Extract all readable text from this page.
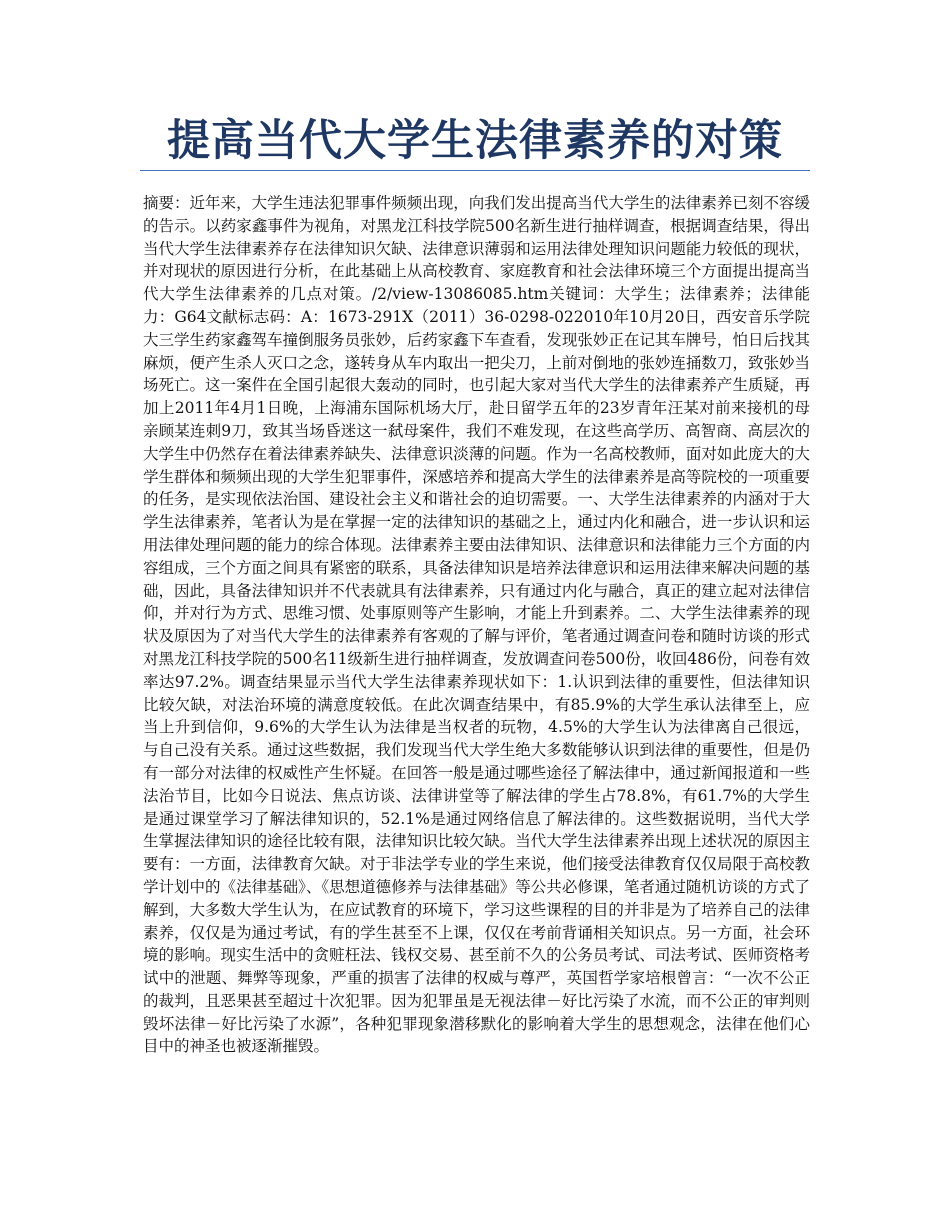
提高当代大学生法律素养的对策

摘要：近年来，大学生违法犯罪事件频频出现，向我们发出提高当代大学生的法律素养已刻不容缓的告示。以药家鑫事件为视角，对黑龙江科技学院500名新生进行抽样调查，根据调查结果，得出当代大学生法律素养存在法律知识欠缺、法律意识薄弱和运用法律处理知识问题能力较低的现状，并对现状的原因进行分析，在此基础上从高校教育、家庭教育和社会法律环境三个方面提出提高当代大学生法律素养的几点对策。/2/view-13086085.htm关键词：大学生；法律素养；法律能力：G64文献标志码：A：1673-291X（2011）36-0298-022010年10月20日，西安音乐学院大三学生药家鑫驾车撞倒服务员张妙，后药家鑫下车查看，发现张妙正在记其车牌号，怕日后找其麻烦，便产生杀人灭口之念，遂转身从车内取出一把尖刀，上前对倒地的张妙连捅数刀，致张妙当场死亡。这一案件在全国引起很大轰动的同时，也引起大家对当代大学生的法律素养产生质疑，再加上2011年4月1日晚，上海浦东国际机场大厅，赴日留学五年的23岁青年汪某对前来接机的母亲顾某连刺9刀，致其当场昏迷这一弑母案件，我们不难发现，在这些高学历、高智商、高层次的大学生中仍然存在着法律素养缺失、法律意识淡薄的问题。作为一名高校教师，面对如此庞大的大学生群体和频频出现的大学生犯罪事件，深感培养和提高大学生的法律素养是高等院校的一项重要的任务，是实现依法治国、建设社会主义和谐社会的迫切需要。一、大学生法律素养的内涵对于大学生法律素养，笔者认为是在掌握一定的法律知识的基础之上，通过内化和融合，进一步认识和运用法律处理问题的能力的综合体现。法律素养主要由法律知识、法律意识和法律能力三个方面的内容组成，三个方面之间具有紧密的联系，具备法律知识是培养法律意识和运用法律来解决问题的基础，因此，具备法律知识并不代表就具有法律素养，只有通过内化与融合，真正的建立起对法律信仰，并对行为方式、思维习惯、处事原则等产生影响，才能上升到素养。二、大学生法律素养的现状及原因为了对当代大学生的法律素养有客观的了解与评价，笔者通过调查问卷和随时访谈的形式对黑龙江科技学院的500名11级新生进行抽样调查，发放调查问卷500份，收回486份，问卷有效率达97.2%。调查结果显示当代大学生法律素养现状如下：1.认识到法律的重要性，但法律知识比较欠缺，对法治环境的满意度较低。在此次调查结果中，有85.9%的大学生承认法律至上，应当上升到信仰，9.6%的大学生认为法律是当权者的玩物，4.5%的大学生认为法律离自己很远，与自己没有关系。通过这些数据，我们发现当代大学生绝大多数能够认识到法律的重要性，但是仍有一部分对法律的权威性产生怀疑。在回答一般是通过哪些途径了解法律中，通过新闻报道和一些法治节目，比如今日说法、焦点访谈、法律讲堂等了解法律的学生占78.8%，有61.7%的大学生是通过课堂学习了解法律知识的，52.1%是通过网络信息了解法律的。这些数据说明，当代大学生掌握法律知识的途径比较有限，法律知识比较欠缺。当代大学生法律素养出现上述状况的原因主要有：一方面，法律教育欠缺。对于非法学专业的学生来说，他们接受法律教育仅仅局限于高校教学计划中的《法律基础》、《思想道德修养与法律基础》等公共必修课，笔者通过随机访谈的方式了解到，大多数大学生认为，在应试教育的环境下，学习这些课程的目的并非是为了培养自己的法律素养，仅仅是为通过考试，有的学生甚至不上课，仅仅在考前背诵相关知识点。另一方面，社会环境的影响。现实生活中的贪赃枉法、钱权交易、甚至前不久的公务员考试、司法考试、医师资格考试中的泄题、舞弊等现象，严重的损害了法律的权威与尊严，英国哲学家培根曾言：“一次不公正的裁判，且恶果甚至超过十次犯罪。因为犯罪虽是无视法律－好比污染了水流，而不公正的审判则毁坏法律－好比污染了水源”，各种犯罪现象潜移默化的影响着大学生的思想观念，法律在他们心目中的神圣也被逐渐摧毁。
